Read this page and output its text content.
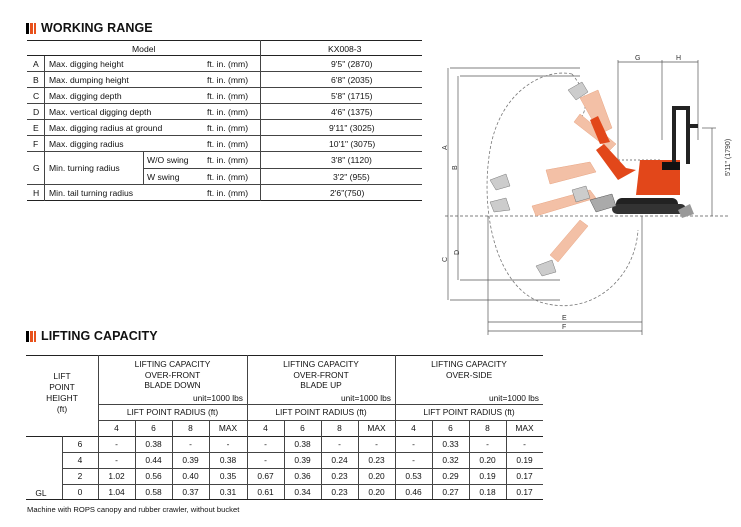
WORKING RANGE
Model	KX008-3
A Max. digging height	ft. in. (mm)	9'5" (2870)
B Max. dumping height	ft. in. (mm)	6'8" (2035)
C Max. digging depth	ft. in. (mm)	5'8" (1715)
D Max. vertical digging depth	ft. in. (mm)	4'6" (1375)
E Max. digging radius at ground	ft. in. (mm)	9'11" (3025)
F Max. digging radius	ft. in. (mm)	10'1" (3075)
G Min. turning radius
W/O swing ft. in. (mm)	3'8" (1120)
W swing	ft. in. (mm)	3'2" (955)
H Min. tail turning radius	ft. in. (mm)	2'6"(750)
A
B
C
D
E
F
G	H
5'11" (1790)
LIFTING CAPACITY
LIFT
POINT
HEIGHT
(ft)
LIFTING CAPACITY
OVER-FRONT
BLADE DOWN
unit=1000 lbs
LIFTING CAPACITY
OVER-FRONT
BLADE UP
unit=1000 lbs
LIFTING CAPACITY
OVER-SIDE
unit=1000 lbs
LIFT POINT RADIUS (ft)	LIFT POINT RADIUS (ft)	LIFT POINT RADIUS (ft)
4	6	8	MAX	4	6	8	MAX	4	6	8	MAX
GL
6	-	0.38	-	-	-	0.38	-	-	-	0.33	-	-
4	-	0.44	0.39	0.38	-	0.39	0.24	0.23	-	0.32	0.20	0.19
2	1.02	0.56	0.40	0.35	0.67	0.36	0.23	0.20	0.53	0.29	0.19	0.17
0	1.04	0.58	0.37	0.31	0.61	0.34	0.23	0.20	0.46	0.27	0.18	0.17
Machine with ROPS canopy and rubber crawler, without bucket
